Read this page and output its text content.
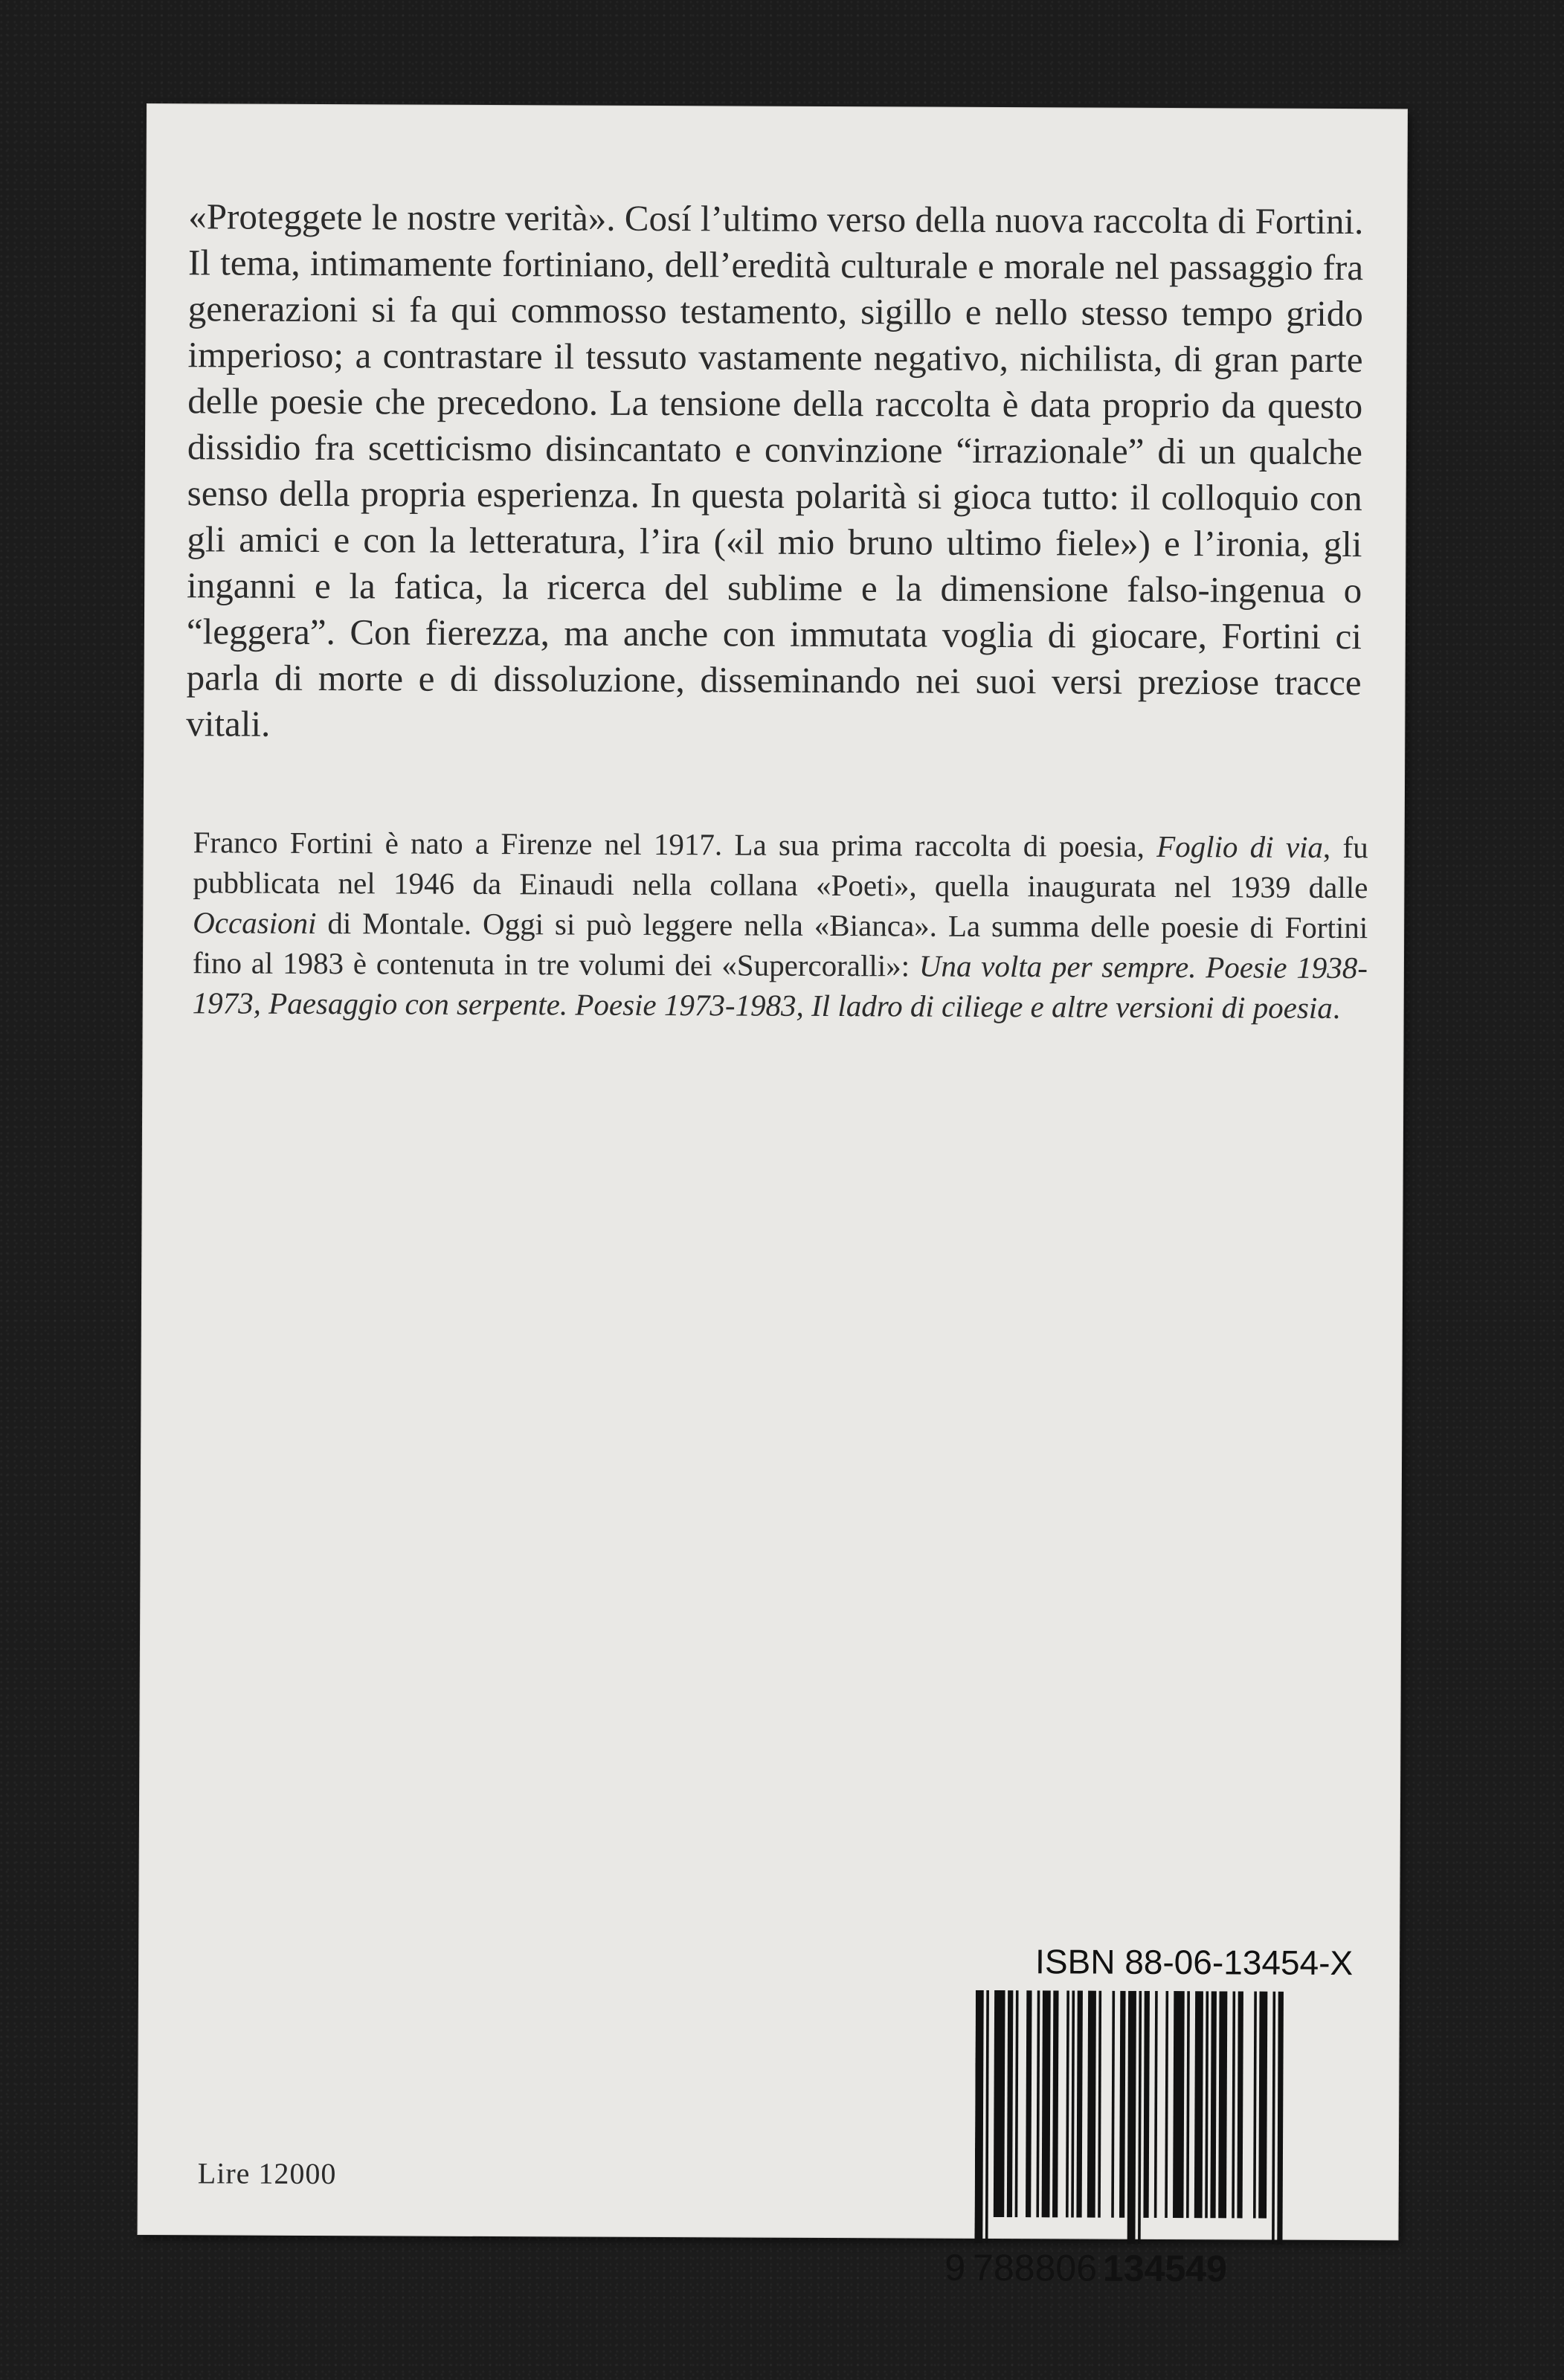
«Proteggete le nostre verità». Cosí l’ultimo verso della nuova raccolta di Fortini. Il tema, intimamente fortiniano, dell’eredità culturale e morale nel passaggio fra generazioni si fa qui commosso testamento, sigillo e nello stesso tempo grido imperioso; a contrastare il tessuto vastamente negativo, nichilista, di gran parte delle poesie che precedono. La tensione della raccolta è data proprio da questo dissidio fra scetticismo disincantato e convinzione “irrazionale” di un qualche senso della propria esperienza. In questa polarità si gioca tutto: il colloquio con gli amici e con la letteratura, l’ira («il mio bruno ultimo fiele») e l’ironia, gli inganni e la fatica, la ricerca del sublime e la dimensione falso-ingenua o “leggera”. Con fierezza, ma anche con immutata voglia di giocare, Fortini ci parla di morte e di dissoluzione, disseminando nei suoi versi preziose tracce vitali.

Franco Fortini è nato a Firenze nel 1917. La sua prima raccolta di poesia, Foglio di via, fu pubblicata nel 1946 da Einaudi nella collana «Poeti», quella inaugurata nel 1939 dalle Occasioni di Montale. Oggi si può leggere nella «Bianca». La summa delle poesie di Fortini fino al 1983 è contenuta in tre volumi dei «Supercoralli»: Una volta per sempre. Poesie 1938-1973, Paesaggio con serpente. Poesie 1973-1983, Il ladro di ciliege e altre versioni di poesia.

Lire 12000
ISBN 88-06-13454-X
9 788806 134549
